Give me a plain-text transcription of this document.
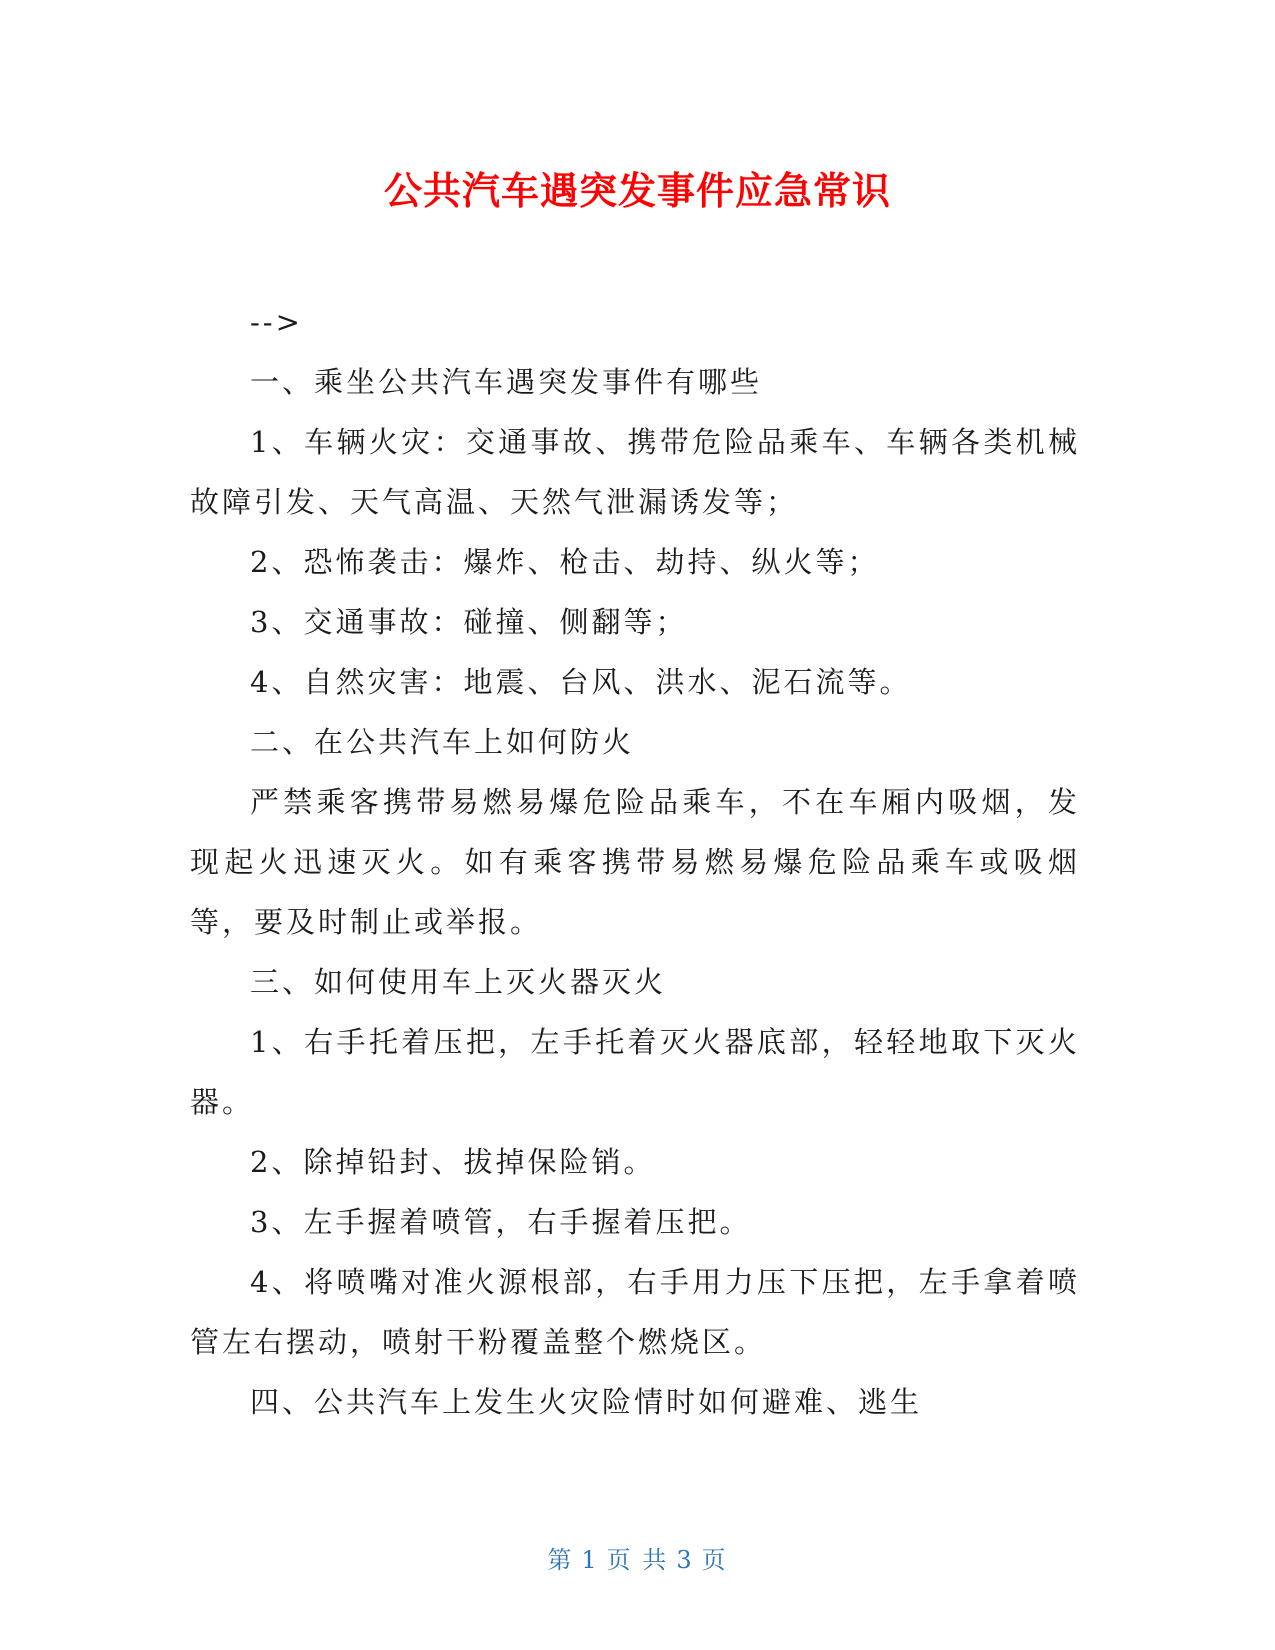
公共汽车遇突发事件应急常识

-->

一、乘坐公共汽车遇突发事件有哪些

1、车辆火灾：交通事故、携带危险品乘车、车辆各类机械故障引发、天气高温、天然气泄漏诱发等；

2、恐怖袭击：爆炸、枪击、劫持、纵火等；

3、交通事故：碰撞、侧翻等；

4、自然灾害：地震、台风、洪水、泥石流等。

二、在公共汽车上如何防火

严禁乘客携带易燃易爆危险品乘车，不在车厢内吸烟，发现起火迅速灭火。如有乘客携带易燃易爆危险品乘车或吸烟等，要及时制止或举报。

三、如何使用车上灭火器灭火

1、右手托着压把，左手托着灭火器底部，轻轻地取下灭火器。

2、除掉铅封、拔掉保险销。

3、左手握着喷管，右手握着压把。

4、将喷嘴对准火源根部，右手用力压下压把，左手拿着喷管左右摆动，喷射干粉覆盖整个燃烧区。

四、公共汽车上发生火灾险情时如何避难、逃生

第 1 页 共 3 页
